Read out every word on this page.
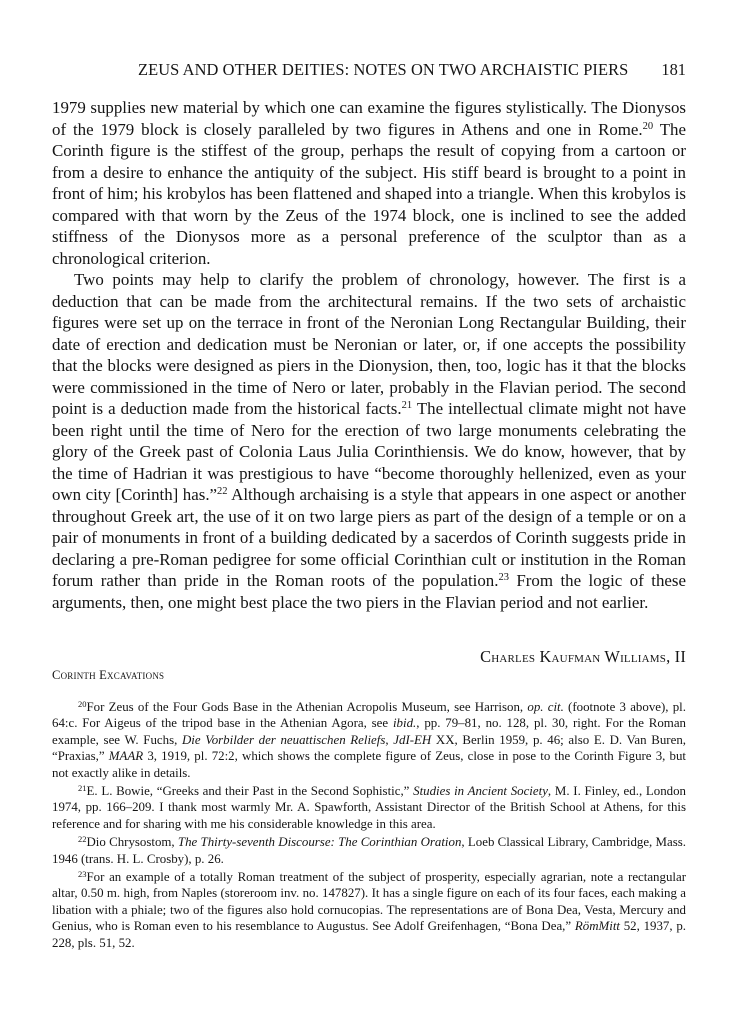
ZEUS AND OTHER DEITIES: NOTES ON TWO ARCHAISTIC PIERS 181

1979 supplies new material by which one can examine the figures stylistically. The Dionysos of the 1979 block is closely paralleled by two figures in Athens and one in Rome.$^{20}$ The Corinth figure is the stiffest of the group, perhaps the result of copying from a cartoon or from a desire to enhance the antiquity of the subject. His stiff beard is brought to a point in front of him; his krobylos has been flattened and shaped into a triangle. When this krobylos is compared with that worn by the Zeus of the 1974 block, one is inclined to see the added stiffness of the Dionysos more as a personal preference of the sculptor than as a chronological criterion.

Two points may help to clarify the problem of chronology, however. The first is a deduction that can be made from the architectural remains. If the two sets of archaistic figures were set up on the terrace in front of the Neronian Long Rectangular Building, their date of erection and dedication must be Neronian or later, or, if one accepts the possibility that the blocks were designed as piers in the Dionysion, then, too, logic has it that the blocks were commissioned in the time of Nero or later, probably in the Flavian period. The second point is a deduction made from the historical facts.$^{21}$ The intellectual climate might not have been right until the time of Nero for the erection of two large monuments celebrating the glory of the Greek past of Colonia Laus Julia Corinthiensis. We do know, however, that by the time of Hadrian it was prestigious to have “become thoroughly hellenized, even as your own city [Corinth] has.”$^{22}$ Although archaising is a style that appears in one aspect or another throughout Greek art, the use of it on two large piers as part of the design of a temple or on a pair of monuments in front of a building dedicated by a sacerdos of Corinth suggests pride in declaring a pre-Roman pedigree for some official Corinthian cult or institution in the Roman forum rather than pride in the Roman roots of the population.$^{23}$ From the logic of these arguments, then, one might best place the two piers in the Flavian period and not earlier.

Charles Kaufman Williams, II
Corinth Excavations

$^{20}$For Zeus of the Four Gods Base in the Athenian Acropolis Museum, see Harrison, op. cit. (footnote 3 above), pl. 64:c. For Aigeus of the tripod base in the Athenian Agora, see ibid., pp. 79–81, no. 128, pl. 30, right. For the Roman example, see W. Fuchs, Die Vorbilder der neuattischen Reliefs, JdI-EH XX, Berlin 1959, p. 46; also E. D. Van Buren, “Praxias,” MAAR 3, 1919, pl. 72:2, which shows the complete figure of Zeus, close in pose to the Corinth Figure 3, but not exactly alike in details.

$^{21}$E. L. Bowie, “Greeks and their Past in the Second Sophistic,” Studies in Ancient Society, M. I. Finley, ed., London 1974, pp. 166–209. I thank most warmly Mr. A. Spawforth, Assistant Director of the British School at Athens, for this reference and for sharing with me his considerable knowledge in this area.

$^{22}$Dio Chrysostom, The Thirty-seventh Discourse: The Corinthian Oration, Loeb Classical Library, Cambridge, Mass. 1946 (trans. H. L. Crosby), p. 26.

$^{23}$For an example of a totally Roman treatment of the subject of prosperity, especially agrarian, note a rectangular altar, 0.50 m. high, from Naples (storeroom inv. no. 147827). It has a single figure on each of its four faces, each making a libation with a phiale; two of the figures also hold cornucopias. The representations are of Bona Dea, Vesta, Mercury and Genius, who is Roman even to his resemblance to Augustus. See Adolf Greifenhagen, “Bona Dea,” RömMitt 52, 1937, p. 228, pls. 51, 52.
